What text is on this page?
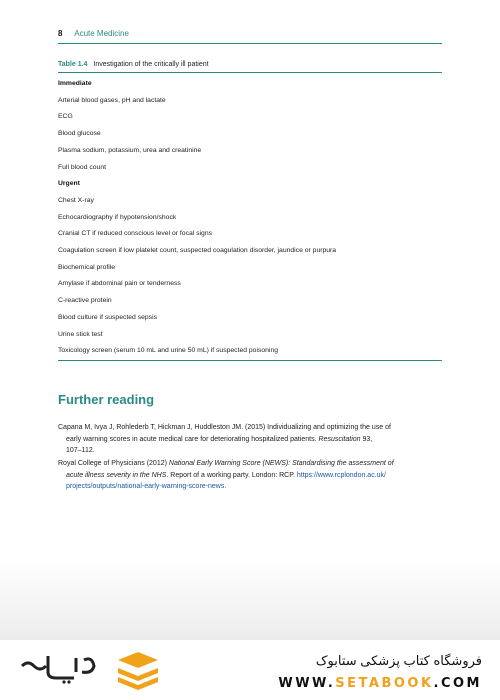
8 Acute Medicine
Table 1.4 Investigation of the critically ill patient
Immediate
Arterial blood gases, pH and lactate
ECG
Blood glucose
Plasma sodium, potassium, urea and creatinine
Full blood count
Urgent
Chest X-ray
Echocardiography if hypotension/shock
Cranial CT if reduced conscious level or focal signs
Coagulation screen if low platelet count, suspected coagulation disorder, jaundice or purpura
Biochemical profile
Amylase if abdominal pain or tenderness
C-reactive protein
Blood culture if suspected sepsis
Urine stick test
Toxicology screen (serum 10 mL and urine 50 mL) if suspected poisoning
Further reading
Capana M, Ivya J, Rohlederb T, Hickman J, Huddleston JM. (2015) Individualizing and optimizing the use of
early warning scores in acute medical care for deteriorating hospitalized patients. Resuscitation 93,
107–112.
Royal College of Physicians (2012) National Early Warning Score (NEWS): Standardising the assessment of
acute illness severity in the NHS. Report of a working party. London: RCP. https://www.rcplondon.ac.uk/
projects/outputs/national-early-warning-score-news.
فروشگاه کتاب پزشکی ستابوک
WWW.SETABOOK.COM
